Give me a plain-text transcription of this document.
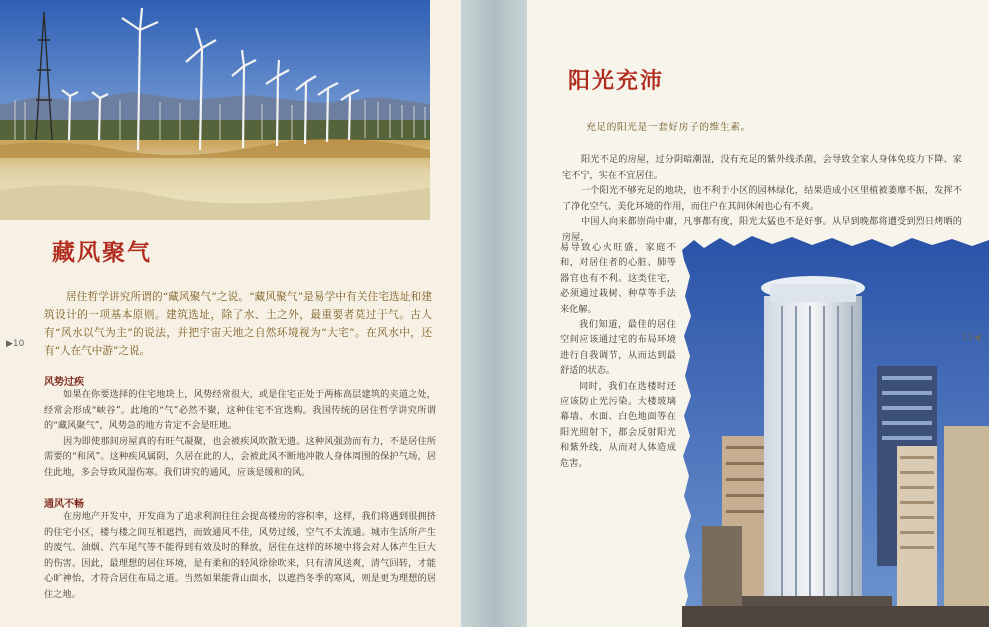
藏风聚气
居住哲学讲究所谓的“藏风聚气”之说。“藏风聚气”是易学中有关住宅选址和建筑设计的一项基本原则。建筑选址，除了水、土之外，最重要者莫过于气。古人有“风水以气为主”的说法，并把宇宙天地之自然环境视为“大宅”。在风水中，还有“人在气中游”之说。
▶10
风势过疾

如果在你要选择的住宅地块上，风势经常很大，或是住宅正处于两栋高层建筑的夹道之处，经常会形成“峡谷”。此地的“气”必然不聚，这种住宅不宜选购。我国传统的居住哲学讲究所谓的“藏风聚气”，风势急的地方肯定不会是旺地。

因为即使那间房屋真的有旺气凝聚，也会被疾风吹散无遗。这种风强劲而有力，不是居住所需要的“和风”。这种疾风属阴，久居在此的人，会被此风不断地冲散人身体周围的保护气场，居住此地，多会导致风湿伤寒。我们讲究的通风，应该是缓和的风。

通风不畅

在房地产开发中，开发商为了追求利润往往会提高楼房的容积率，这样，我们将遇到很拥挤的住宅小区，楼与楼之间互相遮挡，而致通风不佳，风势过缓，空气不太流通。城市生活所产生的废气、油烟、汽车尾气等不能得到有效及时的释放，居住在这样的环境中将会对人体产生巨大的伤害。因此，最理想的居住环境，是有柔和的轻风徐徐吹来，只有清风送爽，清气回转，才能心旷神怡，才符合居住布局之道。当然如果能背山面水，以遮挡冬季的寒风，则是更为理想的居住之地。

阳光充沛
充足的阳光是一套好房子的维生素。

阳光不足的房屋，过分阴暗潮湿，没有充足的紫外线杀菌，会导致全家人身体免疫力下降、家宅不宁，实在不宜居住。

一个阳光不够充足的地块，也不利于小区的园林绿化，结果造成小区里植被萎靡不振，发挥不了净化空气、美化环境的作用，而住户在其间休闲也心有不爽。

中国人向来都崇尚中庸，凡事都有度，阳光太猛也不是好事。从早到晚都将遭受到烈日烤晒的房屋，

易导致心火旺盛，家庭不和，对居住者的心脏、肺等器官也有不利。这类住宅，必须通过栽树、种草等手法来化解。

我们知道，最佳的居住空间应该通过宅的布局环境进行自我调节，从而达到最舒适的状态。

同时，我们在选楼时还应该防止光污染。大楼玻璃幕墙、水面、白色地面等在阳光照射下，都会反射阳光和紫外线，从而对人体造成危害。

11◀
